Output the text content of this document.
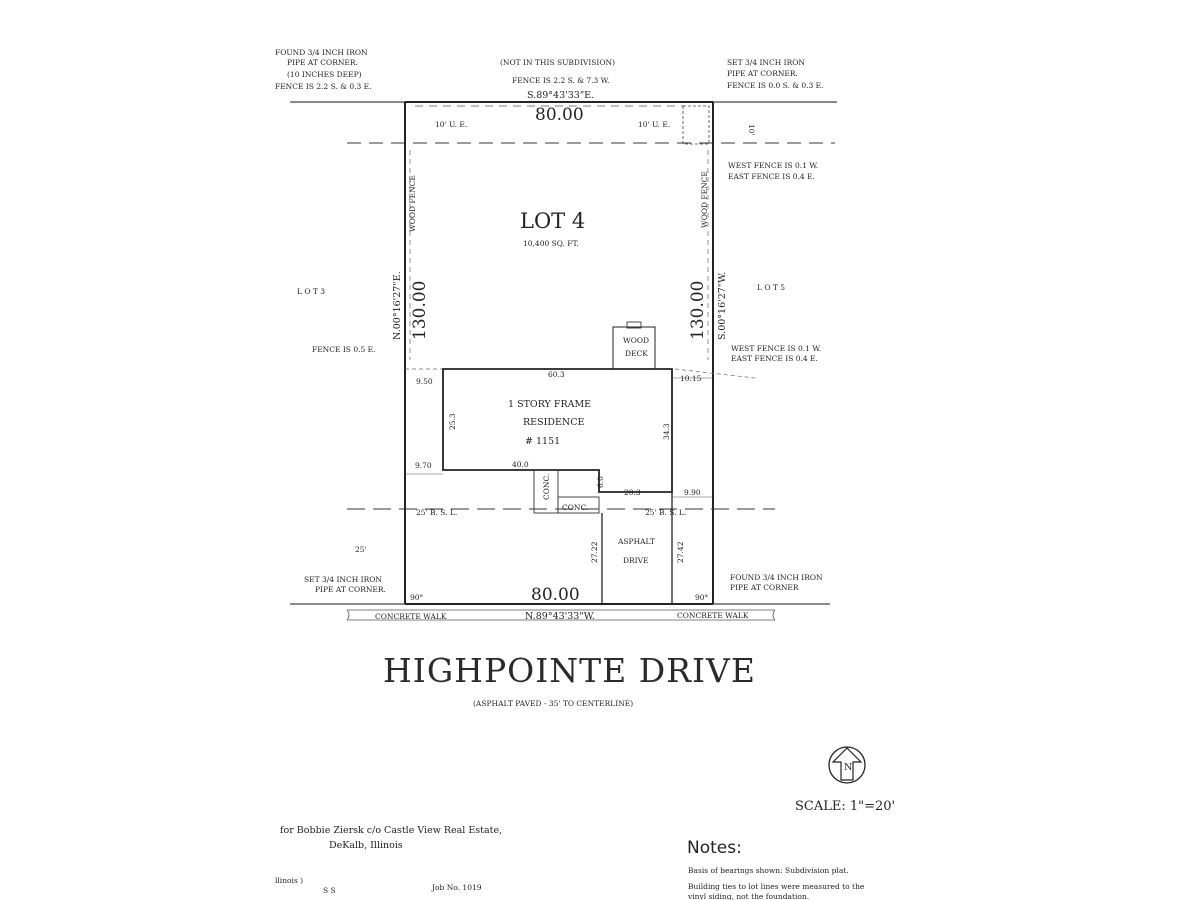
FOUND 3/4 INCH IRON
PIPE AT CORNER.
(10 INCHES DEEP)
FENCE IS 2.2 S. & 0.3 E.
(NOT IN THIS SUBDIVISION)
FENCE IS 2.2 S. & 7.3 W.
SET 3/4 INCH IRON
PIPE AT CORNER.
FENCE IS 0.0 S. & 0.3 E.
S.89°43'33"E.
80.00
10' U. E.	10' U. E.	10'
WEST FENCE IS 0.1 W.
EAST FENCE IS 0.4 E.
WOOD FENCE	WOOD FENCE
LOT 4
10,400 SQ. FT.
L O T 3	L O T 5
N.00°16'27"E. 130.00	130.00 S.00°16'27"W.
FENCE IS 0.5 E.	WEST FENCE IS 0.1 W.
EAST FENCE IS 0.4 E.
WOOD
DECK
60.3
9.50	10.15
1 STORY FRAME
RESIDENCE
# 1151
25.3
34.3
9.70	40.0
6.0
20.3	9.90
CONC.
CONC.
25' B. S. L.	25' B. S. L.
25'
ASPHALT
DRIVE
27.22	27.42
SET 3/4 INCH IRON
PIPE AT CORNER.
FOUND 3/4 INCH IRON
PIPE AT CORNER
90°	90°
80.00
N.89°43'33"W.
CONCRETE WALK	CONCRETE WALK
HIGHPOINTE DRIVE
(ASPHALT PAVED - 35' TO CENTERLINE)
N
SCALE: 1"=20'
for Bobbie Ziersk c/o Castle View Real Estate,
DeKalb, Illinois	Notes:
Basis of bearings shown: Subdivision plat.
Building ties to lot lines were measured to the
vinyl siding, not the foundation.
llinois )
S S	Job No. 1019
